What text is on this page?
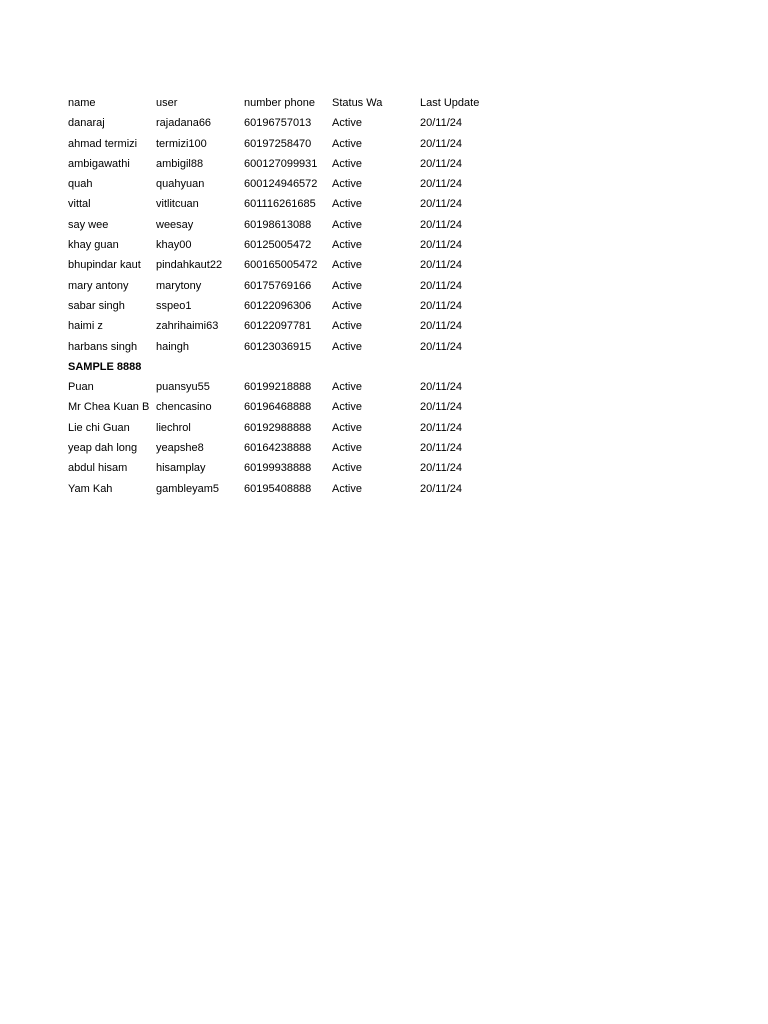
name	user	number phone	Status Wa	Last Update
danaraj	rajadana66	60196757013	Active	20/11/24
ahmad termizi	termizi100	60197258470	Active	20/11/24
ambigawathi	ambigil88	600127099931	Active	20/11/24
quah	quahyuan	600124946572	Active	20/11/24
vittal	vitlitcuan	601116261685	Active	20/11/24
say wee	weesay	60198613088	Active	20/11/24
khay guan	khay00	60125005472	Active	20/11/24
bhupindar kaut	pindahkaut22	600165005472	Active	20/11/24
mary antony	marytony	60175769166	Active	20/11/24
sabar singh	sspeo1	60122096306	Active	20/11/24
haimi z	zahrihaimi63	60122097781	Active	20/11/24
harbans singh	haingh	60123036915	Active	20/11/24
SAMPLE 8888				
Puan	puansyu55	60199218888	Active	20/11/24
Mr Chea Kuan B	chencasino	60196468888	Active	20/11/24
Lie chi Guan	liechrol	60192988888	Active	20/11/24
yeap dah long	yeapshe8	60164238888	Active	20/11/24
abdul hisam	hisamplay	60199938888	Active	20/11/24
Yam Kah	gambleyam5	60195408888	Active	20/11/24
